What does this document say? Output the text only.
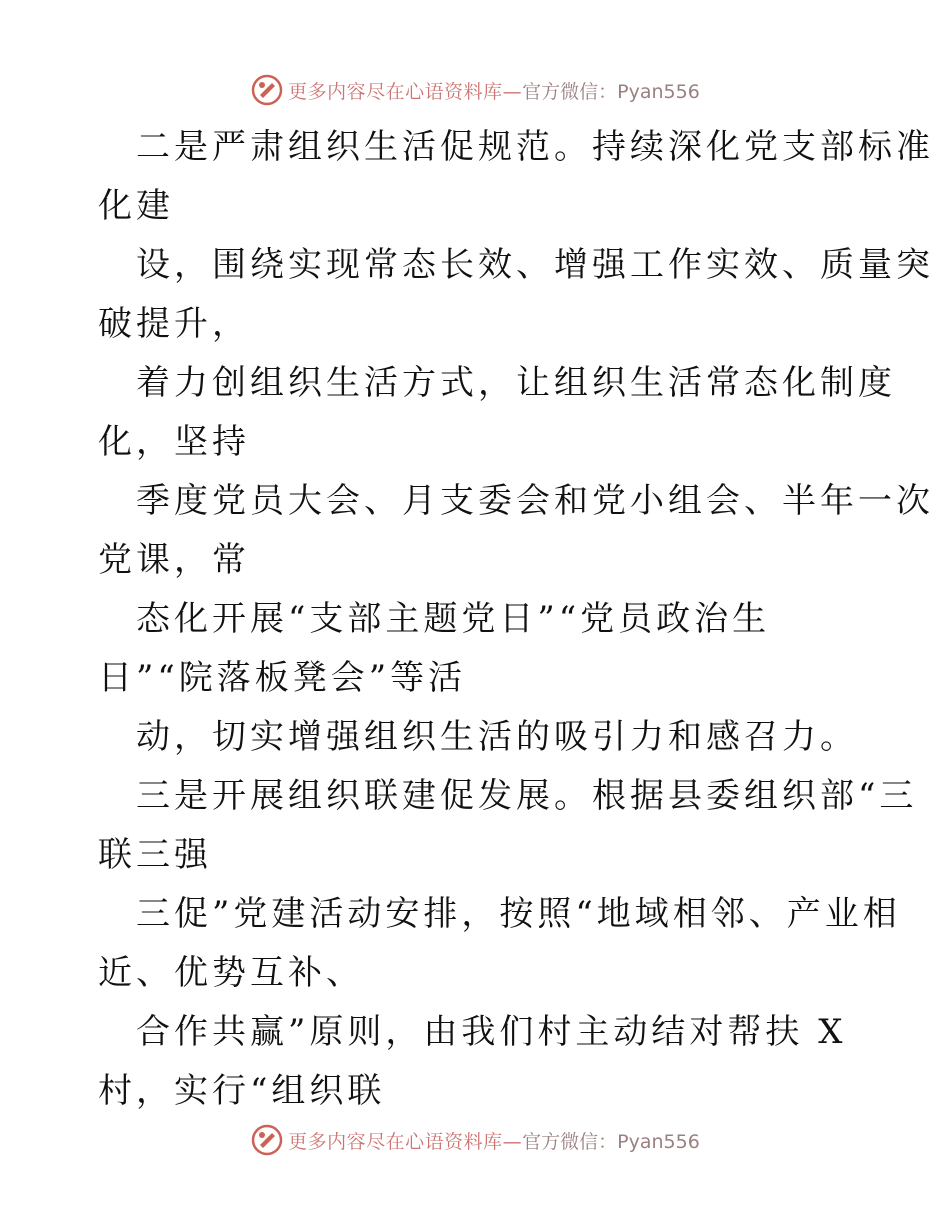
更多内容尽在心语资料库— 官方微信：Pyan556
二是严肃组织生活促规范。持续深化党支部标准
化建
设，围绕实现常态长效、增强工作实效、质量突
破提升，
着力创组织生活方式，让组织生活常态化制度
化，坚持
季度党员大会、月支委会和党小组会、半年一次
党课，常
态化开展“支部主题党日”“党员政治生
日”“院落板凳会”等活
动，切实增强组织生活的吸引力和感召力。
三是开展组织联建促发展。根据县委组织部“三
联三强
三促”党建活动安排，按照“地域相邻、产业相
近、优势互补、
合作共赢”原则，由我们村主动结对帮扶 X
村，实行“组织联
更多内容尽在心语资料库— 官方微信：Pyan556
